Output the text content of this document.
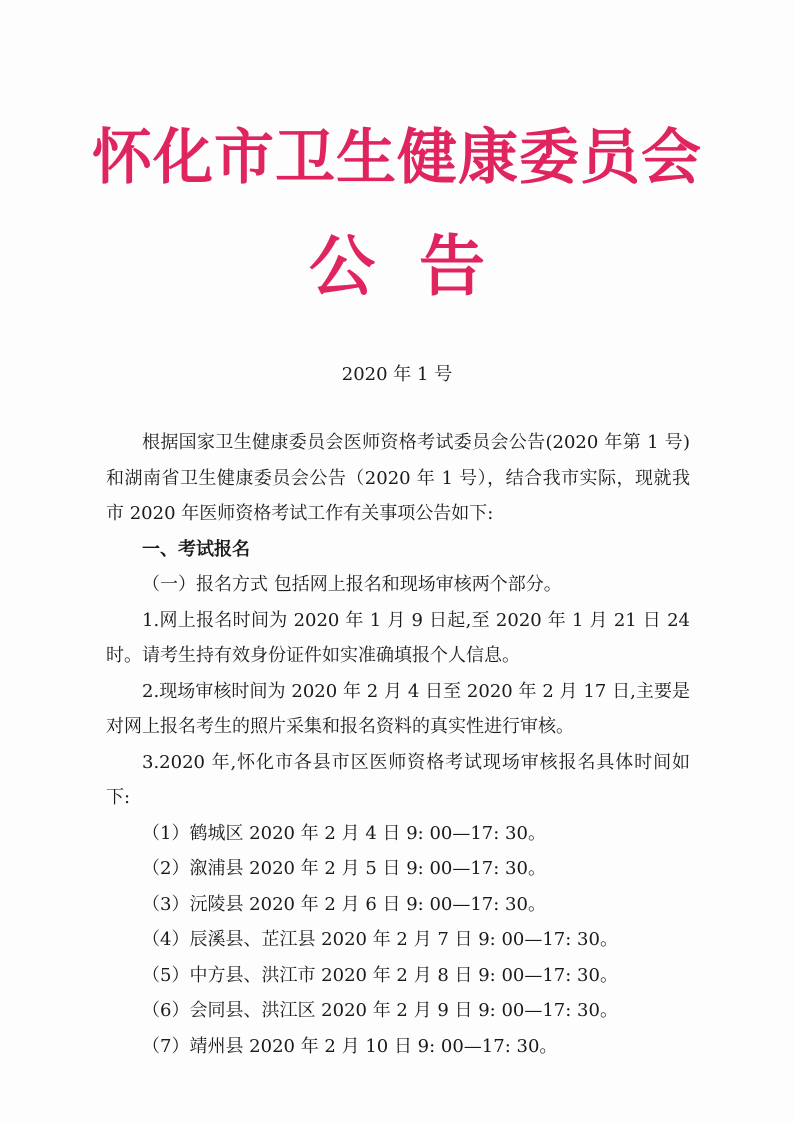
怀化市卫生健康委员会
公告
2020 年 1 号

根据国家卫生健康委员会医师资格考试委员会公告(2020 年第 1 号)和湖南省卫生健康委员会公告（2020 年 1 号），结合我市实际，现就我市 2020 年医师资格考试工作有关事项公告如下:

一、考试报名

（一）报名方式 包括网上报名和现场审核两个部分。

1.网上报名时间为 2020 年 1 月 9 日起,至 2020 年 1 月 21 日 24 时。请考生持有效身份证件如实准确填报个人信息。

2.现场审核时间为 2020 年 2 月 4 日至 2020 年 2 月 17 日,主要是对网上报名考生的照片采集和报名资料的真实性进行审核。

3.2020 年,怀化市各县市区医师资格考试现场审核报名具体时间如下:

（1）鹤城区 2020 年 2 月 4 日 9: 00—17: 30。

（2）溆浦县 2020 年 2 月 5 日 9: 00—17: 30。

（3）沅陵县 2020 年 2 月 6 日 9: 00—17: 30。

（4）辰溪县、芷江县 2020 年 2 月 7 日 9: 00—17: 30。

（5）中方县、洪江市 2020 年 2 月 8 日 9: 00—17: 30。

（6）会同县、洪江区 2020 年 2 月 9 日 9: 00—17: 30。

（7）靖州县 2020 年 2 月 10 日 9: 00—17: 30。
